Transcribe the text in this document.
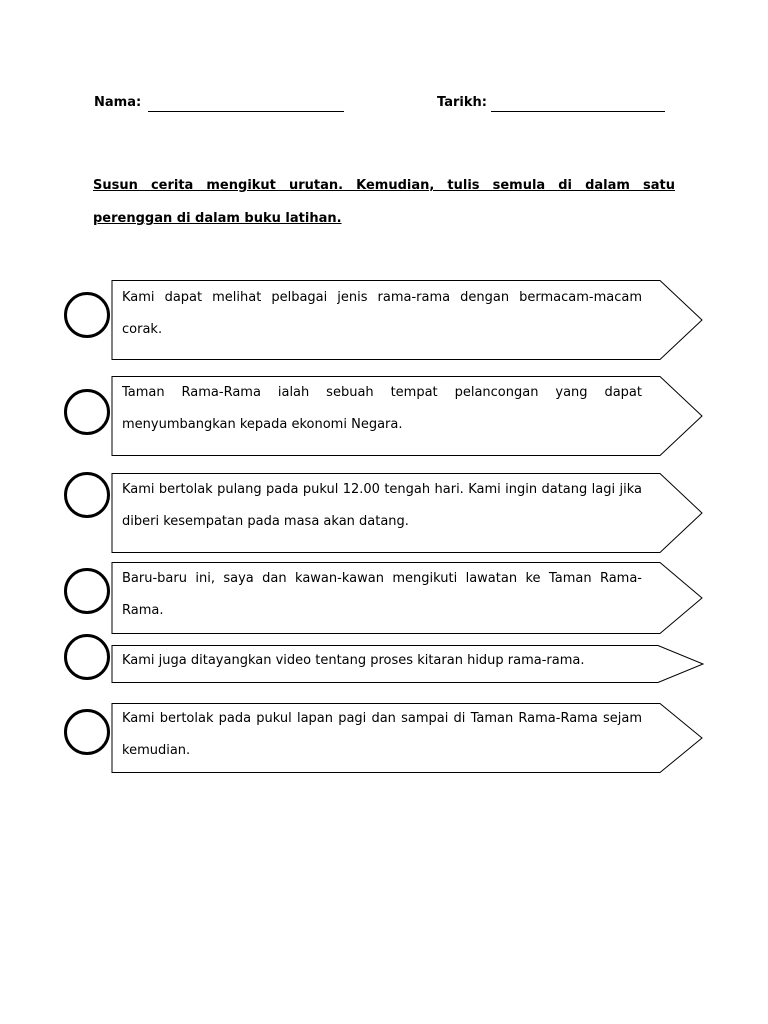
Nama:	Tarikh:
Susun cerita mengikut urutan. Kemudian, tulis semula di dalam satu
perenggan di dalam buku latihan.
Kami dapat melihat pelbagai jenis rama-rama dengan bermacam-macam corak.
Taman Rama-Rama ialah sebuah tempat pelancongan yang dapat menyumbangkan kepada ekonomi Negara.
Kami bertolak pulang pada pukul 12.00 tengah hari. Kami ingin datang lagi jika diberi kesempatan pada masa akan datang.
Baru-baru ini, saya dan kawan-kawan mengikuti lawatan ke Taman Rama-Rama.
Kami juga ditayangkan video tentang proses kitaran hidup rama-rama.
Kami bertolak pada pukul lapan pagi dan sampai di Taman Rama-Rama sejam kemudian.
